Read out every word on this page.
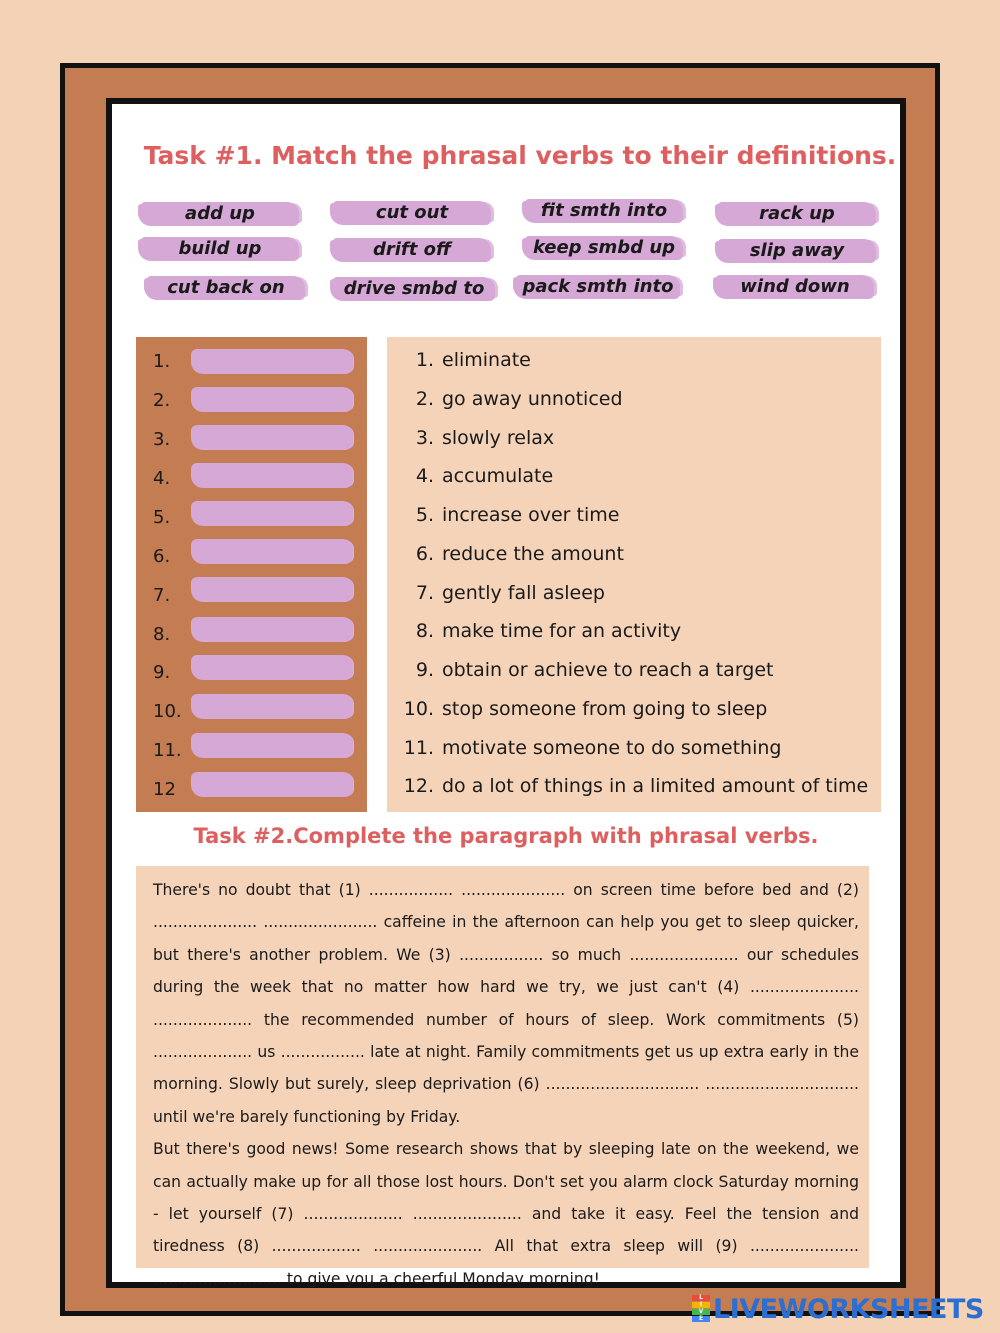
Task #1. Match the phrasal verbs to their definitions.
add up	cut out	fit smth into	rack up
build up	drift off	keep smbd up	slip away
cut back on	drive smbd to	pack smth into	wind down
1.
2.
3.
4.
5.
6.
7.
8.
9.
10.
11.
12
1. eliminate
2. go away unnoticed
3. slowly relax
4. accumulate
5. increase over time
6. reduce the amount
7. gently fall asleep
8. make time for an activity
9. obtain or achieve to reach a target
10. stop someone from going to sleep
11. motivate someone to do something
12. do a lot of things in a limited amount of time
Task #2.Complete the paragraph with phrasal verbs.

There's no doubt that (1) ................. ..................... on screen time before bed and (2) ..................... ....................... caffeine in the afternoon can help you get to sleep quicker, but there's another problem. We (3) ................. so much ...................... our schedules during the week that no matter how hard we try, we just can't (4) ...................... .................... the recommended number of hours of sleep. Work commitments (5) .................... us ................. late at night. Family commitments get us up extra early in the morning. Slowly but surely, sleep deprivation (6) ............................... ............................... until we're barely functioning by Friday.

But there's good news! Some research shows that by sleeping late on the weekend, we can actually make up for all those lost hours. Don't set you alarm clock Saturday morning - let yourself (7) .................... ...................... and take it easy. Feel the tension and tiredness (8) .................. ...................... All that extra sleep will (9) ...................... .......................... to give you a cheerful Monday morning!

L
I
V
E LIVEWORKSHEETS
